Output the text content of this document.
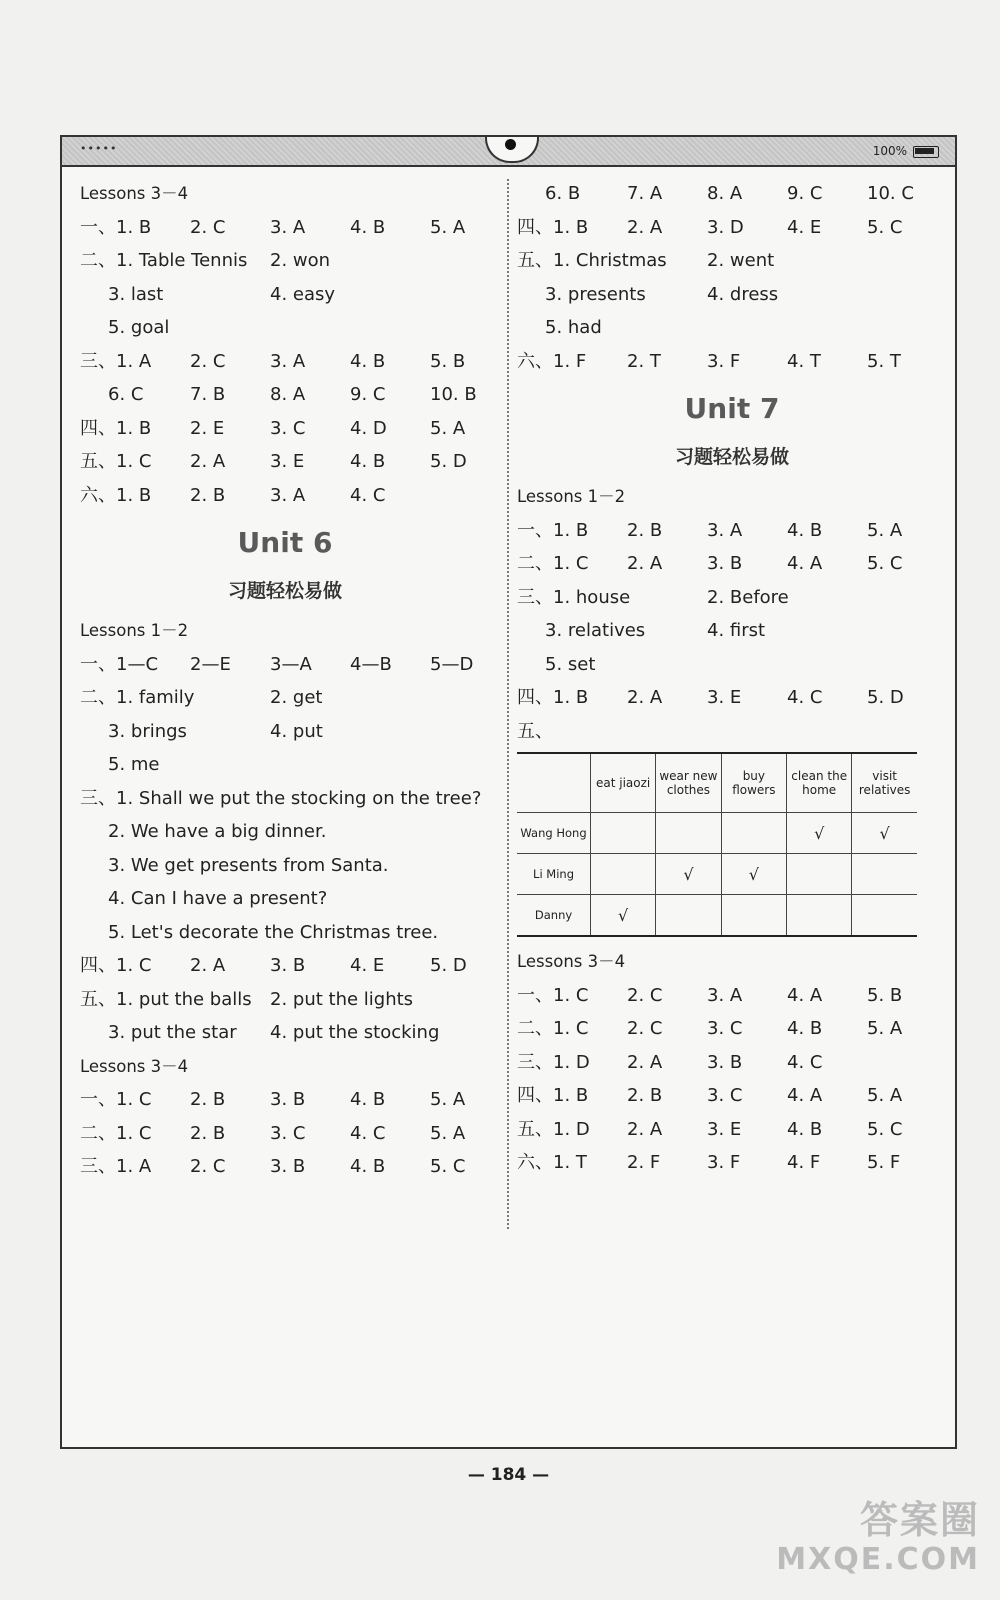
•••••	100%
Lessons 3－4
一、1. B 2. C 3. A 4. B 5. A
二、1. Table Tennis 2. won
3. last	4. easy
5. goal
三、1. A 2. C 3. A 4. B 5. B
6. C	7. B 8. A 9. C 10. B
四、1. B 2. E	3. C 4. D 5. A
五、1. C 2. A 3. E	4. B 5. D
六、1. B 2. B 3. A 4. C
Unit 6
习题轻松易做
Lessons 1－2
一、1—C 2—E 3—A 4—B 5—D
二、1. family	2. get
3. brings	4. put
5. me
三、1. Shall we put the stocking on the tree?
2. We have a big dinner.
3. We get presents from Santa.
4. Can I have a present?
5. Let's decorate the Christmas tree.
四、1. C 2. A 3. B 4. E	5. D
五、1. put the balls 2. put the lights
3. put the star 4. put the stocking
Lessons 3－4
一、1. C 2. B 3. B 4. B 5. A
二、1. C 2. B 3. C 4. C 5. A
三、1. A 2. C 3. B 4. B 5. C
6. B	7. A 8. A 9. C 10. C
四、1. B 2. A 3. D 4. E	5. C
五、1. Christmas 2. went
3. presents	4. dress
5. had
六、1. F 2. T	3. F	4. T	5. T
Unit 7
习题轻松易做
Lessons 1－2
一、1. B 2. B 3. A 4. B 5. A
二、1. C 2. A 3. B 4. A 5. C
三、1. house	2. Before
3. relatives	4. first
5. set
四、1. B 2. A 3. E	4. C 5. D
五、
	eat jiaozi	wear new clothes	buy flowers	clean the home	visit relatives
Wang Hong				√	√
Li Ming		√	√		
Danny	√				
Lessons 3－4
一、1. C 2. C 3. A 4. A 5. B
二、1. C 2. C 3. C 4. B 5. A
三、1. D 2. A 3. B 4. C
四、1. B 2. B 3. C 4. A 5. A
五、1. D 2. A 3. E	4. B 5. C
六、1. T 2. F	3. F	4. F	5. F
— 184 —
答案圈
MXQE.COM
